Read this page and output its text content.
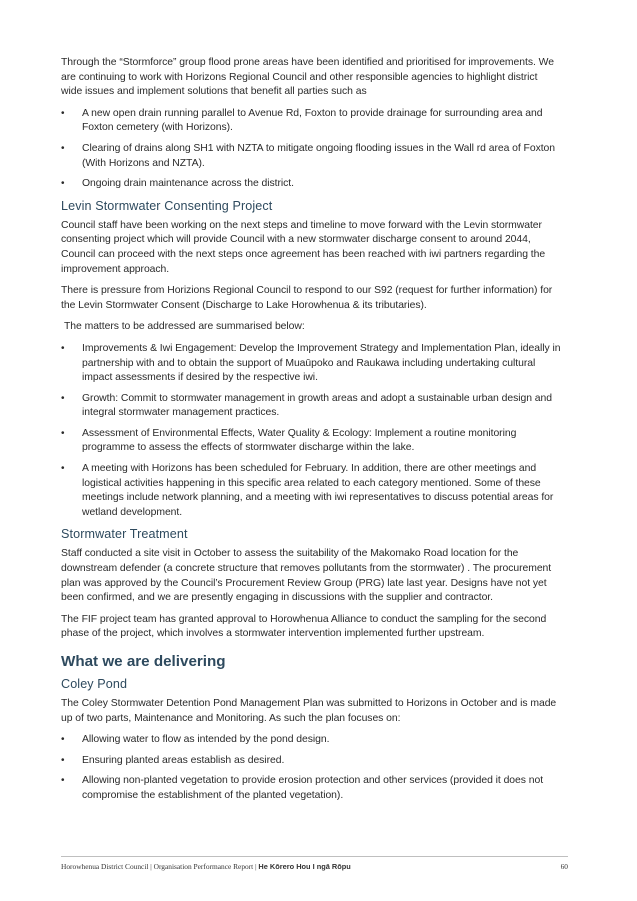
Through the “Stormforce” group flood prone areas have been identified and prioritised for improvements. We are continuing to work with Horizons Regional Council and other responsible agencies to highlight district wide issues and implement solutions that benefit all parties such as

• A new open drain running parallel to Avenue Rd, Foxton to provide drainage for surrounding area and Foxton cemetery (with Horizons).
• Clearing of drains along SH1 with NZTA to mitigate ongoing flooding issues in the Wall rd area of Foxton (With Horizons and NZTA).
• Ongoing drain maintenance across the district.
Levin Stormwater Consenting Project

Council staff have been working on the next steps and timeline to move forward with the Levin stormwater consenting project which will provide Council with a new stormwater discharge consent to around 2044, Council can proceed with the next steps once agreement has been reached with iwi partners regarding the improvement approach.

There is pressure from Horizions Regional Council to respond to our S92 (request for further information) for the Levin Stormwater Consent (Discharge to Lake Horowhenua & its tributaries).

The matters to be addressed are summarised below:

• Improvements & Iwi Engagement: Develop the Improvement Strategy and Implementation Plan, ideally in partnership with and to obtain the support of Muaūpoko and Raukawa including undertaking cultural impact assessments if desired by the respective iwi.
• Growth: Commit to stormwater management in growth areas and adopt a sustainable urban design and integral stormwater management practices.
• Assessment of Environmental Effects, Water Quality & Ecology: Implement a routine monitoring programme to assess the effects of stormwater discharge within the lake.
• A meeting with Horizons has been scheduled for February. In addition, there are other meetings and logistical activities happening in this specific area related to each category mentioned. Some of these meetings include network planning, and a meeting with iwi representatives to discuss potential areas for wetland development.
Stormwater Treatment

Staff conducted a site visit in October to assess the suitability of the Makomako Road location for the downstream defender (a concrete structure that removes pollutants from the stormwater) . The procurement plan was approved by the Council’s Procurement Review Group (PRG) late last year. Designs have not yet been confirmed, and we are presently engaging in discussions with the supplier and contractor.

The FIF project team has granted approval to Horowhenua Alliance to conduct the sampling for the second phase of the project, which involves a stormwater intervention implemented further upstream.

What we are delivering
Coley Pond

The Coley Stormwater Detention Pond Management Plan was submitted to Horizons in October and is made up of two parts, Maintenance and Monitoring. As such the plan focuses on:

• Allowing water to flow as intended by the pond design.
• Ensuring planted areas establish as desired.
• Allowing non-planted vegetation to provide erosion protection and other services (provided it does not compromise the establishment of the planted vegetation).
Horowhenua District Council | Organisation Performance Report | He Kōrero Hou I ngā Rōpu	60
